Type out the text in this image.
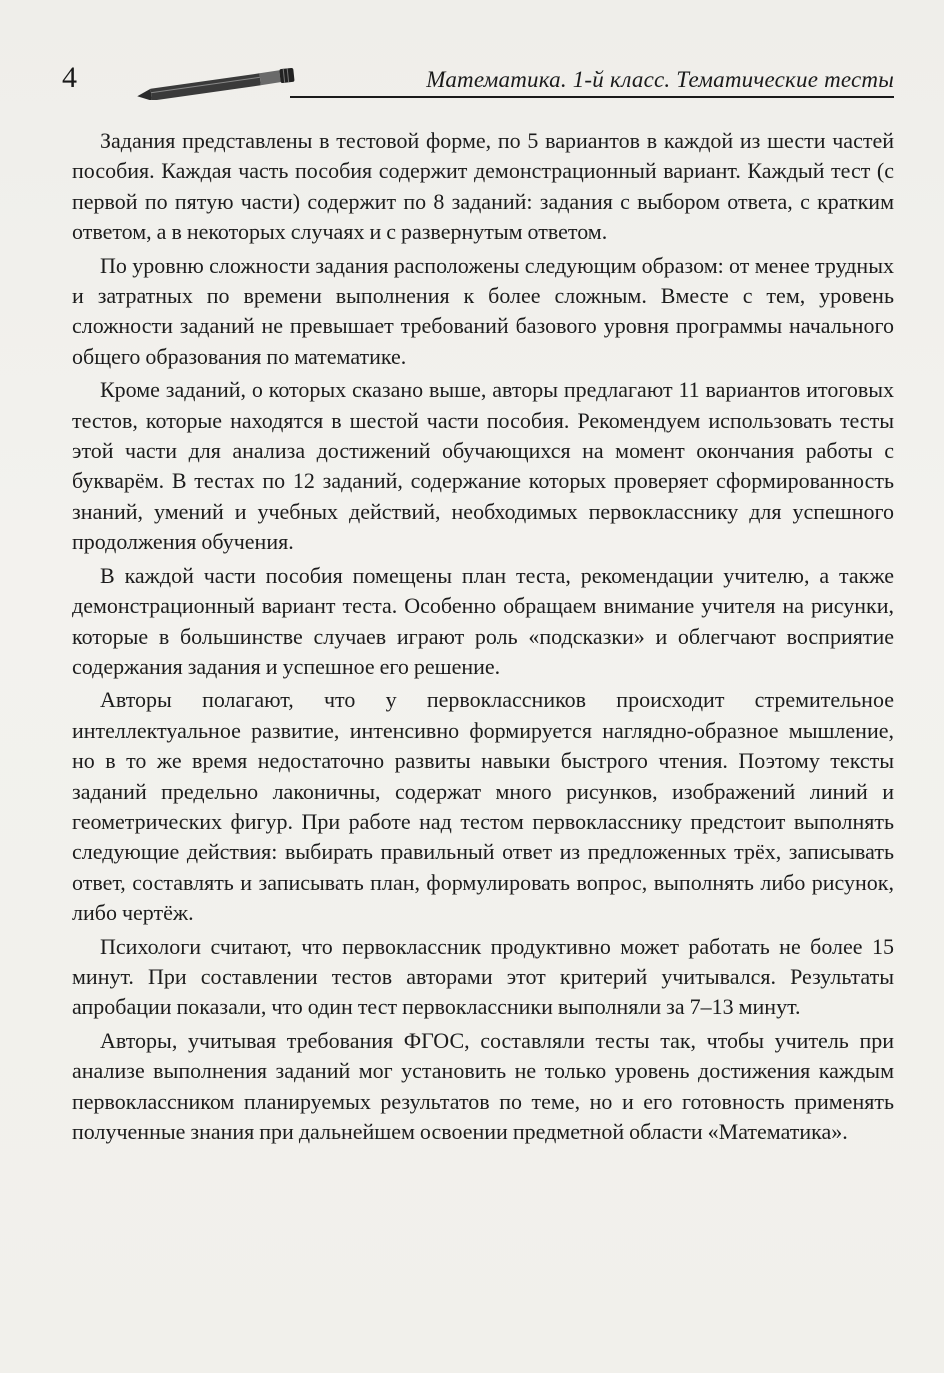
4	Математика. 1-й класс. Тематические тесты

Задания представлены в тестовой форме, по 5 вариантов в каждой из шести частей пособия. Каждая часть пособия содержит демонстрационный вариант. Каждый тест (с первой по пятую части) содержит по 8 заданий: задания с выбором ответа, с кратким ответом, а в некоторых случаях и с развернутым ответом.

По уровню сложности задания расположены следующим образом: от менее трудных и затратных по времени выполнения к более сложным. Вместе с тем, уровень сложности заданий не превышает требований базового уровня программы начального общего образования по математике.

Кроме заданий, о которых сказано выше, авторы предлагают 11 вариантов итоговых тестов, которые находятся в шестой части пособия. Рекомендуем использовать тесты этой части для анализа достижений обучающихся на момент окончания работы с букварём. В тестах по 12 заданий, содержание которых проверяет сформированность знаний, умений и учебных действий, необходимых первокласснику для успешного продолжения обучения.

В каждой части пособия помещены план теста, рекомендации учителю, а также демонстрационный вариант теста. Особенно обращаем внимание учителя на рисунки, которые в большинстве случаев играют роль «подсказки» и облегчают восприятие содержания задания и успешное его решение.

Авторы полагают, что у первоклассников происходит стремительное интеллектуальное развитие, интенсивно формируется наглядно-образное мышление, но в то же время недостаточно развиты навыки быстрого чтения. Поэтому тексты заданий предельно лаконичны, содержат много рисунков, изображений линий и геометрических фигур. При работе над тестом первокласснику предстоит выполнять следующие действия: выбирать правильный ответ из предложенных трёх, записывать ответ, составлять и записывать план, формулировать вопрос, выполнять либо рисунок, либо чертёж.

Психологи считают, что первоклассник продуктивно может работать не более 15 минут. При составлении тестов авторами этот критерий учитывался. Результаты апробации показали, что один тест первоклассники выполняли за 7–13 минут.

Авторы, учитывая требования ФГОС, составляли тесты так, чтобы учитель при анализе выполнения заданий мог установить не только уровень достижения каждым первоклассником планируемых результатов по теме, но и его готовность применять полученные знания при дальнейшем освоении предметной области «Математика».
